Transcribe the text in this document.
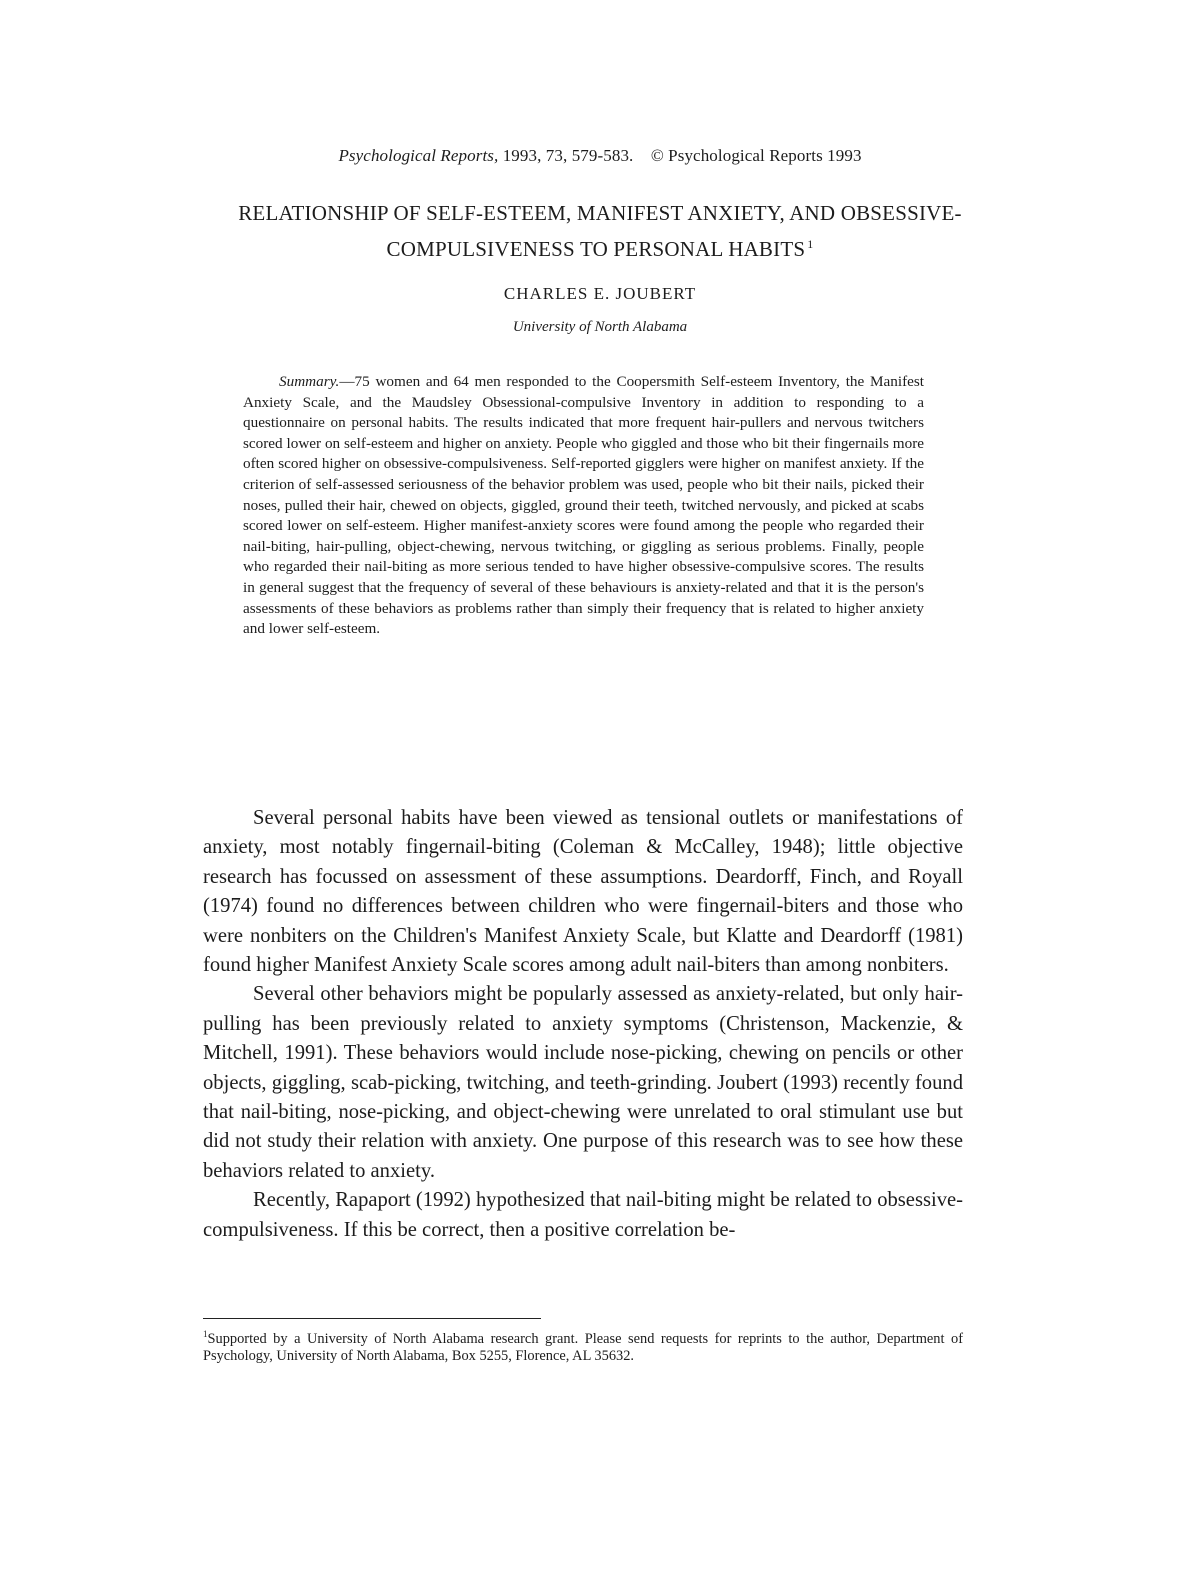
Psychological Reports, 1993, 73, 579-583. © Psychological Reports 1993
RELATIONSHIP OF SELF-ESTEEM, MANIFEST ANXIETY, AND OBSESSIVE-COMPULSIVENESS TO PERSONAL HABITS $^1$
CHARLES E. JOUBERT
University of North Alabama

Summary.—75 women and 64 men responded to the Coopersmith Self-esteem Inventory, the Manifest Anxiety Scale, and the Maudsley Obsessional-compulsive Inventory in addition to responding to a questionnaire on personal habits. The results indicated that more frequent hair-pullers and nervous twitchers scored lower on self-esteem and higher on anxiety. People who giggled and those who bit their fingernails more often scored higher on obsessive-compulsiveness. Self-reported gigglers were higher on manifest anxiety. If the criterion of self-assessed seriousness of the behavior problem was used, people who bit their nails, picked their noses, pulled their hair, chewed on objects, giggled, ground their teeth, twitched nervously, and picked at scabs scored lower on self-esteem. Higher manifest-anxiety scores were found among the people who regarded their nail-biting, hair-pulling, object-chewing, nervous twitching, or giggling as serious problems. Finally, people who regarded their nail-biting as more serious tended to have higher obsessive-compulsive scores. The results in general suggest that the frequency of several of these behaviours is anxiety-related and that it is the person's assessments of these behaviors as problems rather than simply their frequency that is related to higher anxiety and lower self-esteem.

Several personal habits have been viewed as tensional outlets or manifestations of anxiety, most notably fingernail-biting (Coleman & McCalley, 1948); little objective research has focussed on assessment of these assumptions. Deardorff, Finch, and Royall (1974) found no differences between children who were fingernail-biters and those who were nonbiters on the Children's Manifest Anxiety Scale, but Klatte and Deardorff (1981) found higher Manifest Anxiety Scale scores among adult nail-biters than among nonbiters.

Several other behaviors might be popularly assessed as anxiety-related, but only hair-pulling has been previously related to anxiety symptoms (Christenson, Mackenzie, & Mitchell, 1991). These behaviors would include nose-picking, chewing on pencils or other objects, giggling, scab-picking, twitching, and teeth-grinding. Joubert (1993) recently found that nail-biting, nose-picking, and object-chewing were unrelated to oral stimulant use but did not study their relation with anxiety. One purpose of this research was to see how these behaviors related to anxiety.

Recently, Rapaport (1992) hypothesized that nail-biting might be related to obsessive-compulsiveness. If this be correct, then a positive correlation be-

$^1$Supported by a University of North Alabama research grant. Please send requests for reprints to the author, Department of Psychology, University of North Alabama, Box 5255, Florence, AL 35632.
